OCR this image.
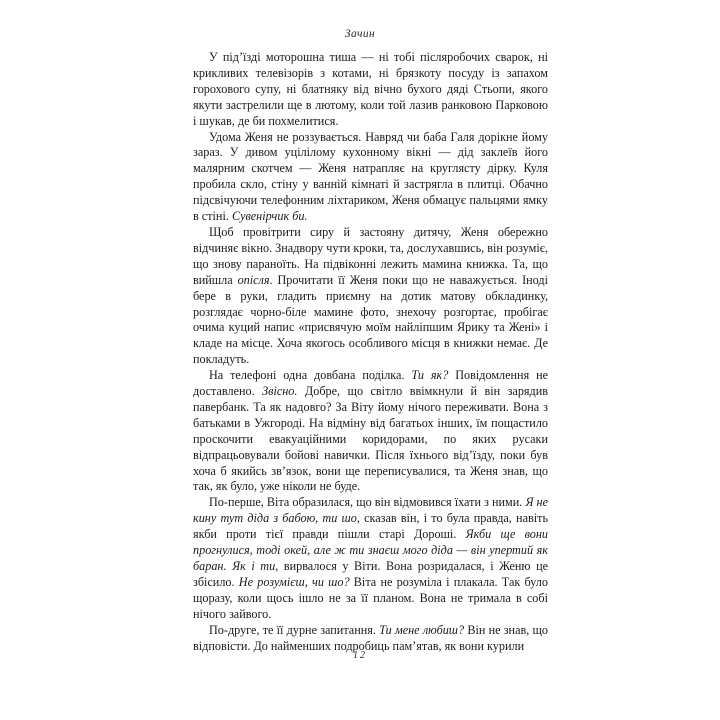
Зачин

У під’їзді моторошна тиша — ні тобі післяробочих сварок, ні крикливих телевізорів з котами, ні брязкоту посуду із запахом горохового супу, ні блатняку від вічно бухого дяді Стьопи, якого якути застрелили ще в лютому, коли той лазив ранковою Парковою і шукав, де би похмелитися.

Удома Женя не роззувається. Навряд чи баба Галя дорікне йому зараз. У дивом уцілілому кухонному вікні — дід заклеїв його малярним скотчем — Женя натрапляє на круглясту дірку. Куля пробила скло, стіну у ванній кімнаті й застрягла в плитці. Обачно підсвічуючи телефонним ліхтариком, Женя обмацує пальцями ямку в стіні. Сувенірчик би.

Щоб провітрити сиру й застояну дитячу, Женя обережно відчиняє вікно. Знадвору чути кроки, та, дослухавшись, він розуміє, що знову параноїть. На підвіконні лежить мамина книжка. Та, що вийшла опісля. Прочитати її Женя поки що не наважується. Іноді бере в руки, гладить приємну на дотик матову обкладинку, розглядає чорно-біле мамине фото, знехочу розгортає, пробігає очима куций напис «присвячую моїм найліпшим Ярику та Жені» і кладе на місце. Хоча якогось особливого місця в книжки немає. Де покладуть.

На телефоні одна довбана поділка. Ти як? Повідомлення не доставлено. Звісно. Добре, що світло ввімкнули й він зарядив павербанк. Та як надовго? За Віту йому нічого переживати. Вона з батьками в Ужгороді. На відміну від багатьох інших, їм пощастило проскочити евакуаційними коридорами, по яких русаки відпрацьовували бойові навички. Після їхнього від’їзду, поки був хоча б якийсь зв’язок, вони ще переписувалися, та Женя знав, що так, як було, уже ніколи не буде.

По-перше, Віта образилася, що він відмовився їхати з ними. Я не кину тут діда з бабою, ти шо, сказав він, і то була правда, навіть якби проти тієї правди пішли старі Дороші. Якби ще вони прогнулися, тоді окей, але ж ти знаєш мого діда — він упертий як баран. Як і ти, вирвалося у Віти. Вона розридалася, і Женю це збісило. Не розумієш, чи шо? Віта не розуміла і плакала. Так було щоразу, коли щось ішло не за її планом. Вона не тримала в собі нічого зайвого.

По-друге, те її дурне запитання. Ти мене любиш? Він не знав, що відповісти. До найменших подробиць пам’ятав, як вони курили

12
